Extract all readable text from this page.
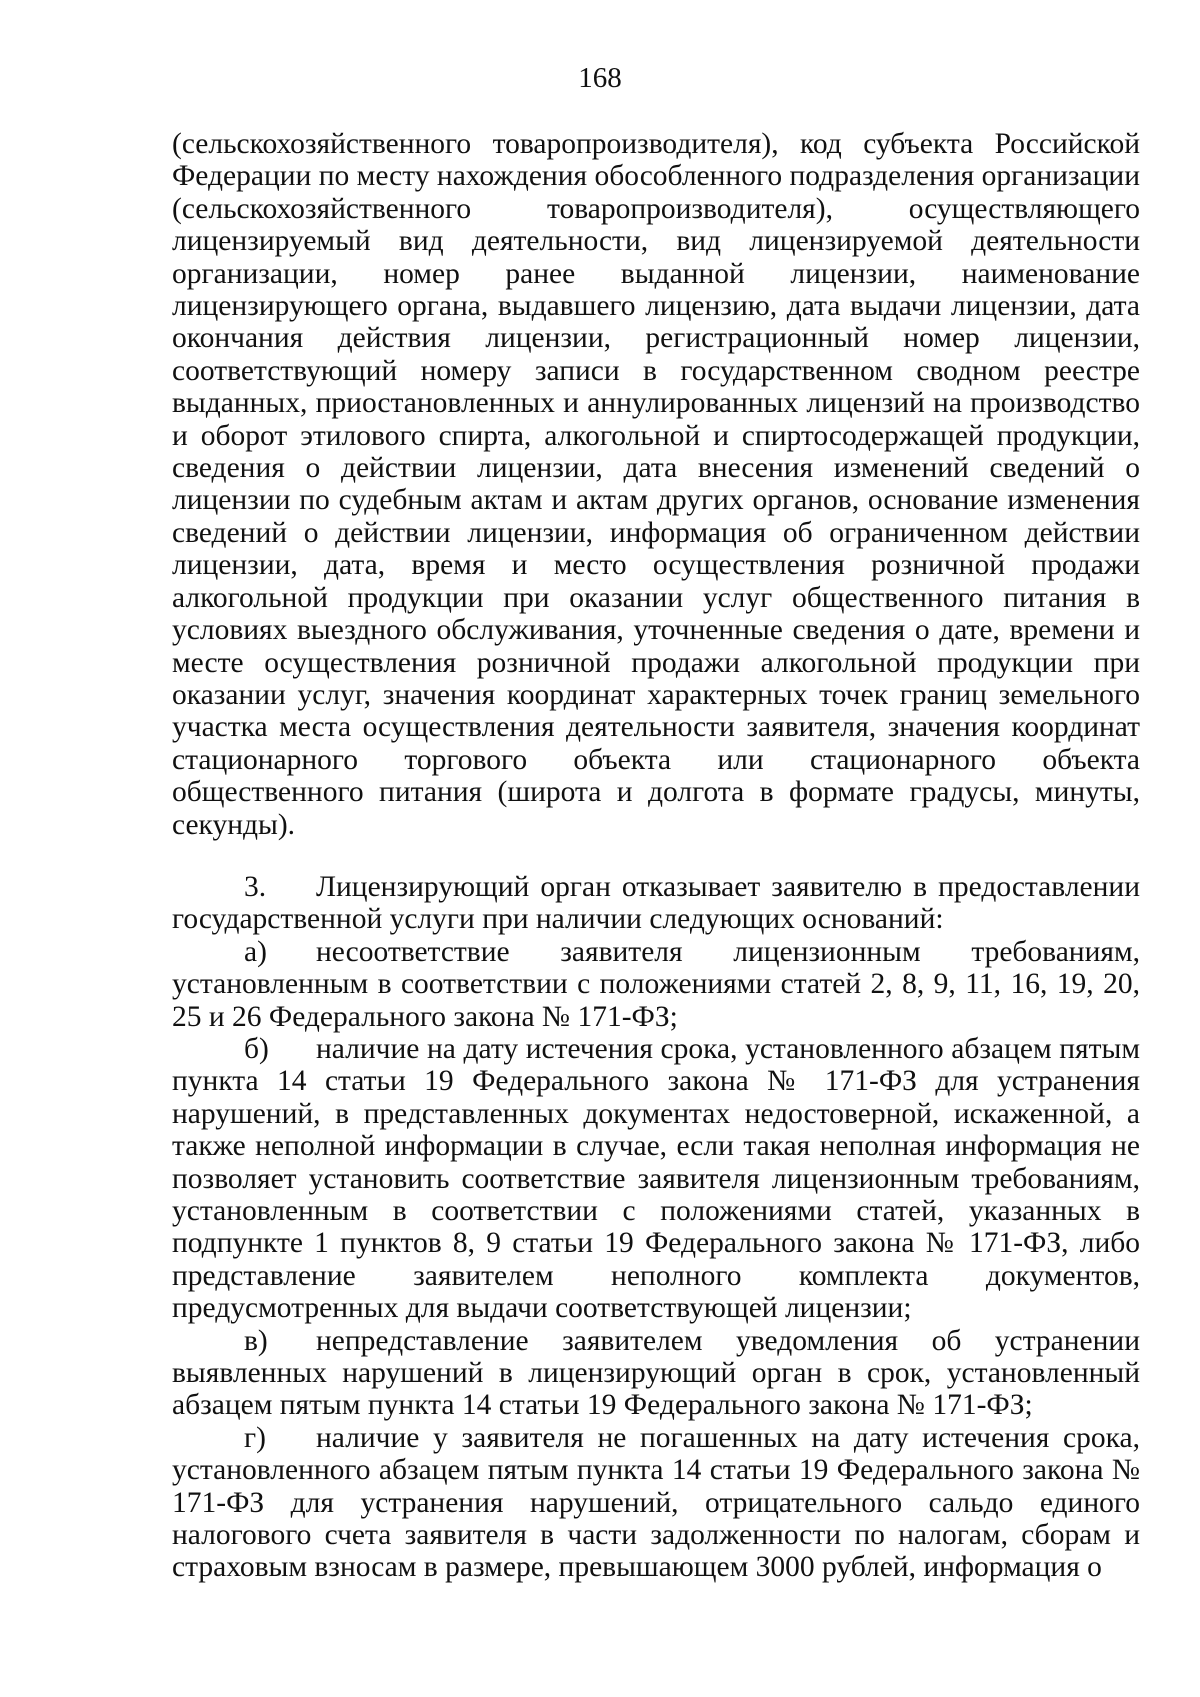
168

(сельскохозяйственного товаропроизводителя), код субъекта Российской Федерации по месту нахождения обособленного подразделения организации (сельскохозяйственного товаропроизводителя), осуществляющего лицензируемый вид деятельности, вид лицензируемой деятельности организации, номер ранее выданной лицензии, наименование лицензирующего органа, выдавшего лицензию, дата выдачи лицензии, дата окончания действия лицензии, регистрационный номер лицензии, соответствующий номеру записи в государственном сводном реестре выданных, приостановленных и аннулированных лицензий на производство и оборот этилового спирта, алкогольной и спиртосодержащей продукции, сведения о действии лицензии, дата внесения изменений сведений о лицензии по судебным актам и актам других органов, основание изменения сведений о действии лицензии, информация об ограниченном действии лицензии, дата, время и место осуществления розничной продажи алкогольной продукции при оказании услуг общественного питания в условиях выездного обслуживания, уточненные сведения о дате, времени и месте осуществления розничной продажи алкогольной продукции при оказании услуг, значения координат характерных точек границ земельного участка места осуществления деятельности заявителя, значения координат стационарного торгового объекта или стационарного объекта общественного питания (широта и долгота в формате градусы, минуты, секунды).

3. Лицензирующий орган отказывает заявителю в предоставлении государственной услуги при наличии следующих оснований:

а) несоответствие заявителя лицензионным требованиям, установленным в соответствии с положениями статей 2, 8, 9, 11, 16, 19, 20, 25 и 26 Федерального закона № 171-ФЗ;

б) наличие на дату истечения срока, установленного абзацем пятым пункта 14 статьи 19 Федерального закона № 171-ФЗ для устранения нарушений, в представленных документах недостоверной, искаженной, а также неполной информации в случае, если такая неполная информация не позволяет установить соответствие заявителя лицензионным требованиям, установленным в соответствии с положениями статей, указанных в подпункте 1 пунктов 8, 9 статьи 19 Федерального закона № 171-ФЗ, либо представление заявителем неполного комплекта документов, предусмотренных для выдачи соответствующей лицензии;

в) непредставление заявителем уведомления об устранении выявленных нарушений в лицензирующий орган в срок, установленный абзацем пятым пункта 14 статьи 19 Федерального закона № 171-ФЗ;

г) наличие у заявителя не погашенных на дату истечения срока, установленного абзацем пятым пункта 14 статьи 19 Федерального закона № 171-ФЗ для устранения нарушений, отрицательного сальдо единого налогового счета заявителя в части задолженности по налогам, сборам и страховым взносам в размере, превышающем 3000 рублей, информация о
